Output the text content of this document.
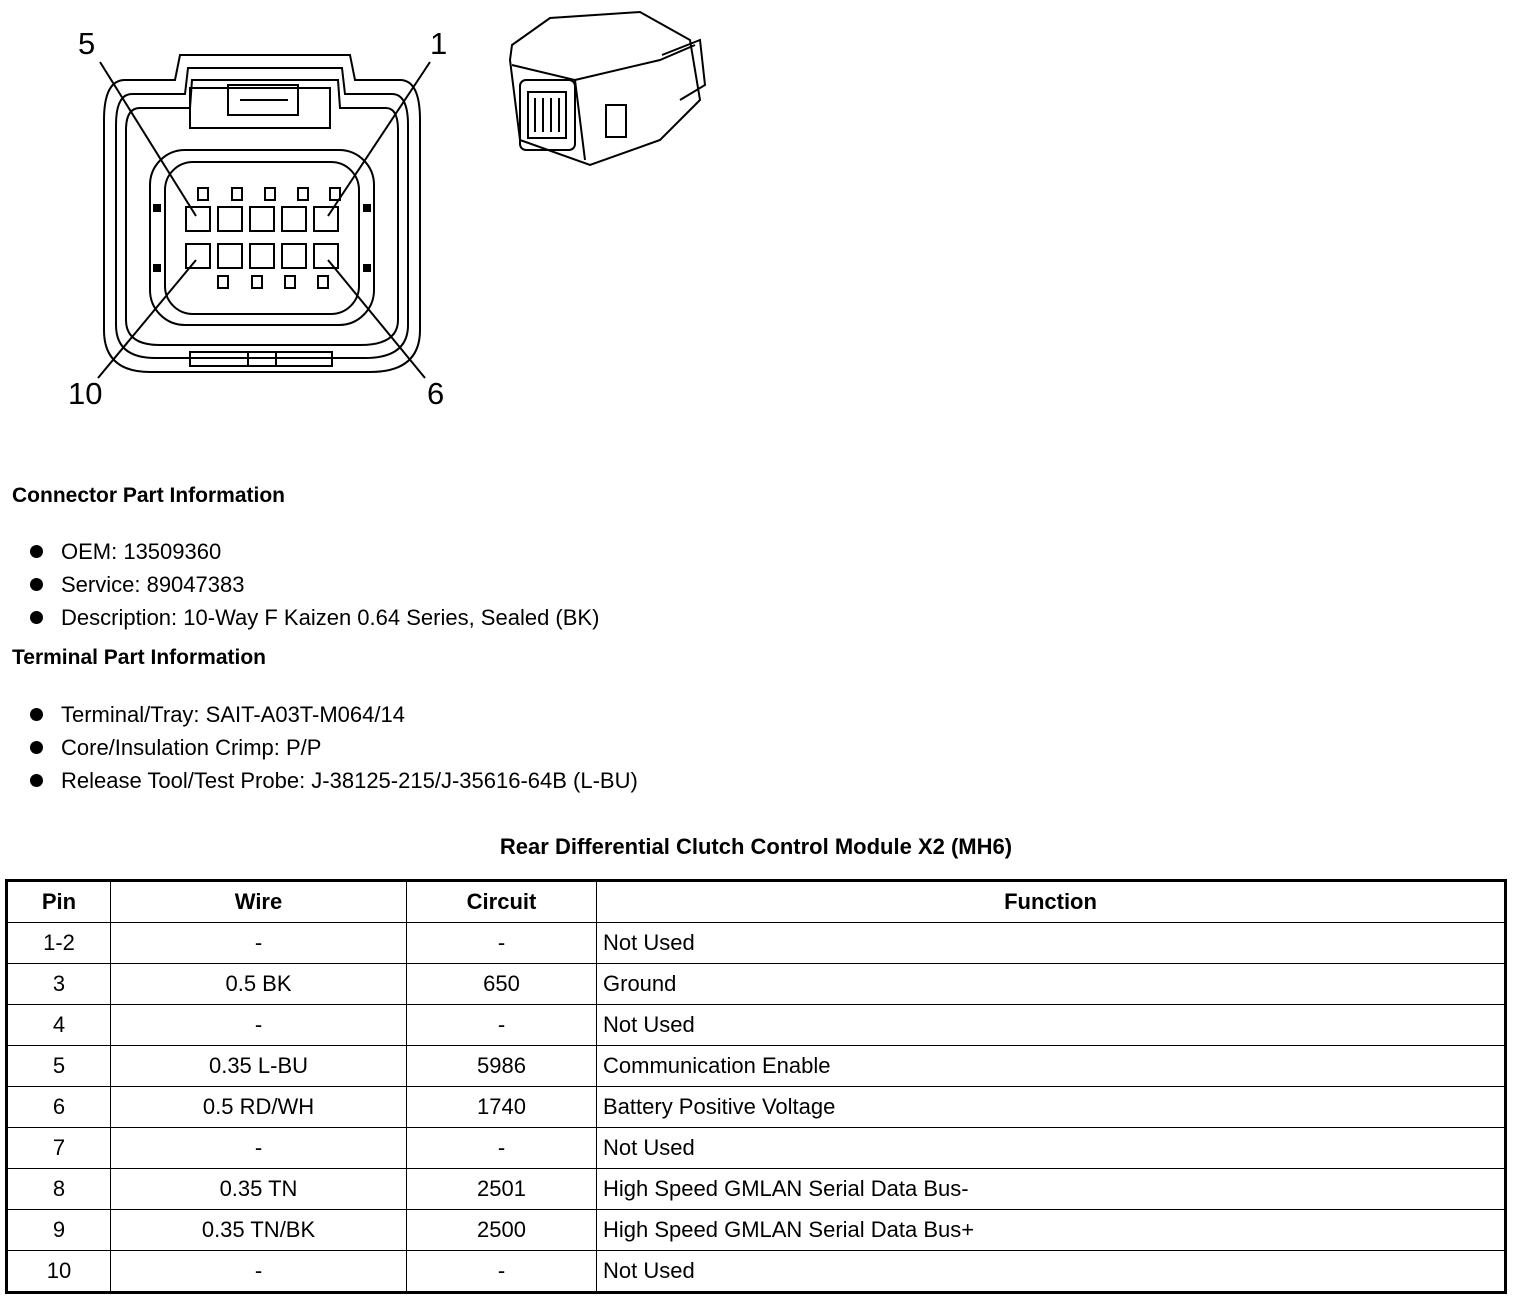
5	1
10	6
Connector Part Information
OEM: 13509360
Service: 89047383
Description: 10-Way F Kaizen 0.64 Series, Sealed (BK)
Terminal Part Information
Terminal/Tray: SAIT-A03T-M064/14
Core/Insulation Crimp: P/P
Release Tool/Test Probe: J-38125-215/J-35616-64B (L-BU)
Rear Differential Clutch Control Module X2 (MH6)
Pin	Wire	Circuit	Function
1-2	-	-	Not Used
3	0.5 BK	650	Ground
4	-	-	Not Used
5	0.35 L-BU	5986	Communication Enable
6	0.5 RD/WH	1740	Battery Positive Voltage
7	-	-	Not Used
8	0.35 TN	2501	High Speed GMLAN Serial Data Bus-
9	0.35 TN/BK	2500	High Speed GMLAN Serial Data Bus+
10	-	-	Not Used
